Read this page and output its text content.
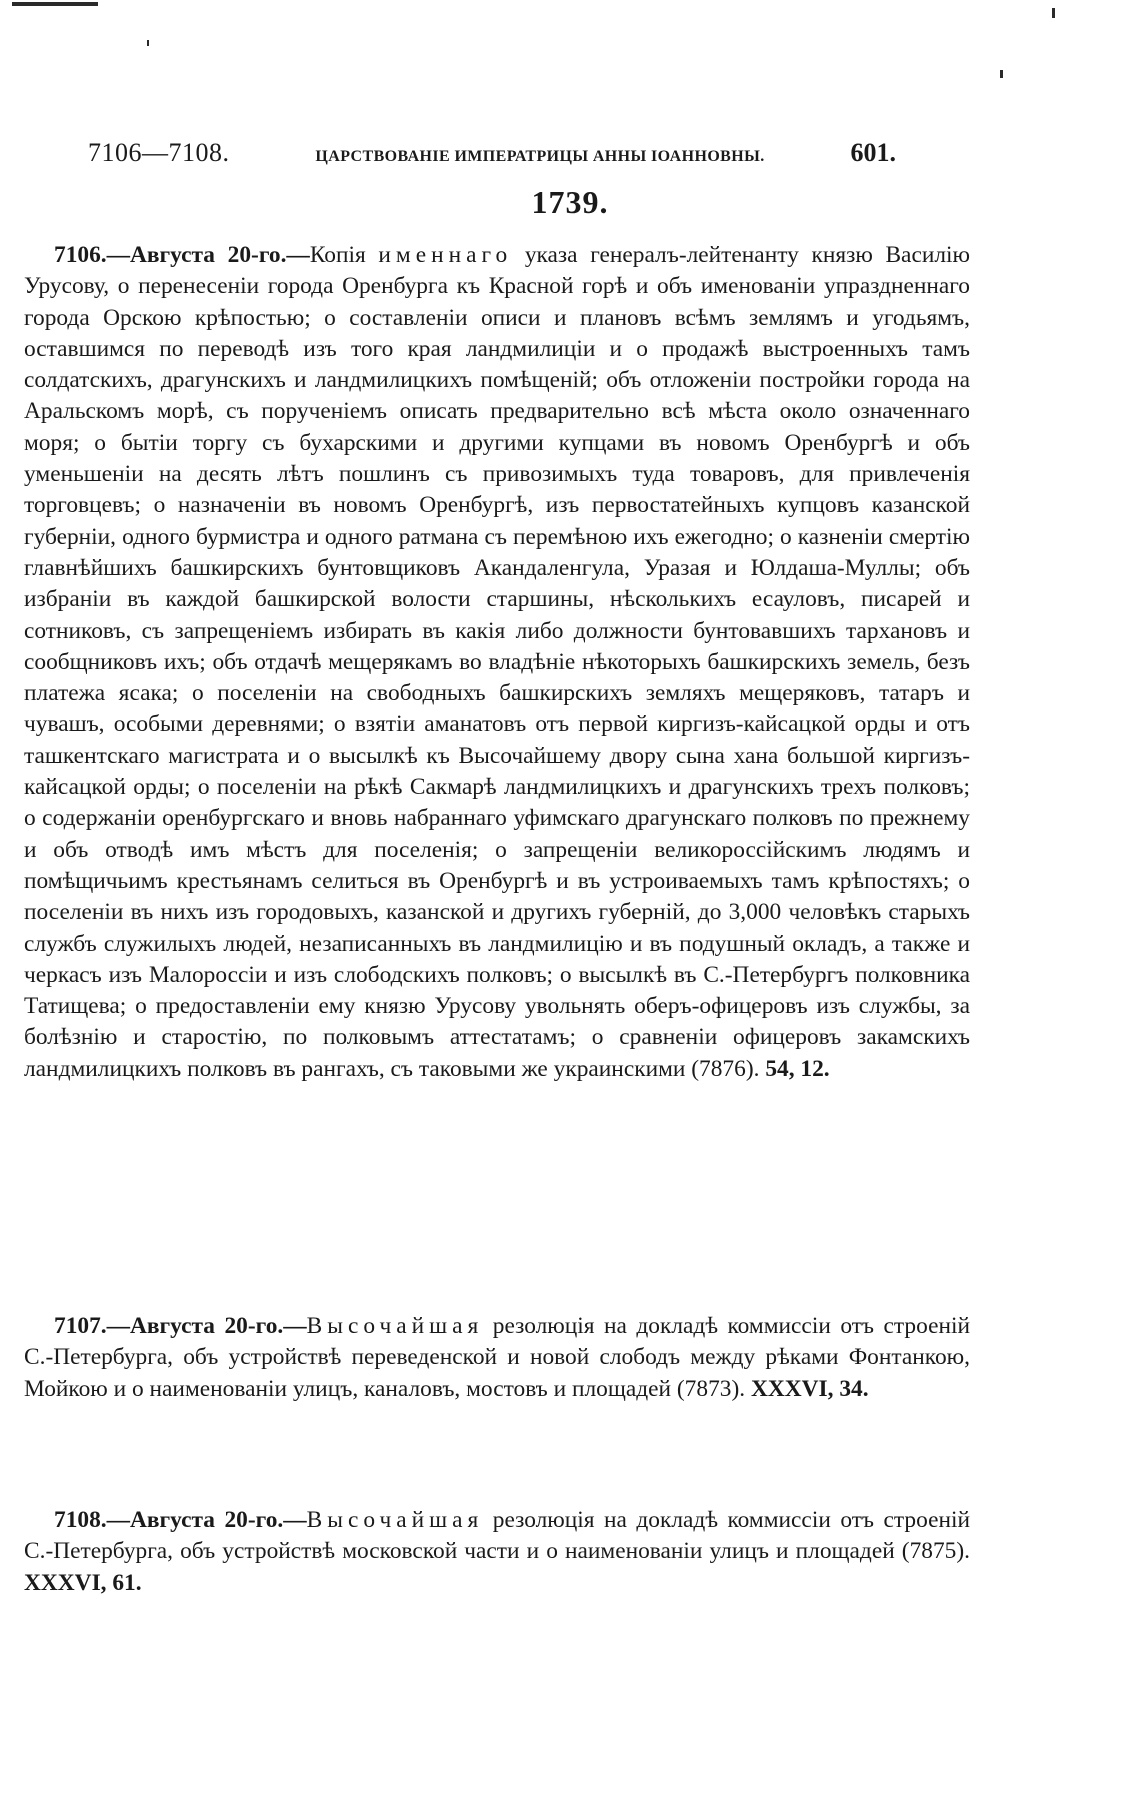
7106—7108.	ЦАРСТВОВАНІЕ ИМПЕРАТРИЦЫ АННЫ ІОАННОВНЫ.	601.
1739.

7106.—Августа 20-го.—Копія именнаго указа генералъ-лейтенанту князю Василію Урусову, о перенесеніи города Оренбурга къ Красной горѣ и объ именованіи упраздненнаго города Орскою крѣпостью; о составленіи описи и плановъ всѣмъ землямъ и угодьямъ, оставшимся по переводѣ изъ того края ландмилиціи и о продажѣ выстроенныхъ тамъ солдатскихъ, драгунскихъ и ландмилицкихъ помѣщеній; объ отложеніи постройки города на Аральскомъ морѣ, съ порученіемъ описать предварительно всѣ мѣста около означеннаго моря; о бытіи торгу съ бухарскими и другими купцами въ новомъ Оренбургѣ и объ уменьшеніи на десять лѣтъ пошлинъ съ привозимыхъ туда товаровъ, для привлеченія торговцевъ; о назначеніи въ новомъ Оренбургѣ, изъ первостатейныхъ купцовъ казанской губерніи, одного бурмистра и одного ратмана съ перемѣною ихъ ежегодно; о казненіи смертію главнѣйшихъ башкирскихъ бунтовщиковъ Акандаленгула, Уразая и Юлдаша-Муллы; объ избраніи въ каждой башкирской волости старшины, нѣсколькихъ есауловъ, писарей и сотниковъ, съ запрещеніемъ избирать въ какія либо должности бунтовавшихъ тархановъ и сообщниковъ ихъ; объ отдачѣ мещерякамъ во владѣніе нѣкоторыхъ башкирскихъ земель, безъ платежа ясака; о поселеніи на свободныхъ башкирскихъ земляхъ мещеряковъ, татаръ и чувашъ, особыми деревнями; о взятіи аманатовъ отъ первой киргизъ-кайсацкой орды и отъ ташкентскаго магистрата и о высылкѣ къ Высочайшему двору сына хана большой киргизъ-кайсацкой орды; о поселеніи на рѣкѣ Сакмарѣ ландмилицкихъ и драгунскихъ трехъ полковъ; о содержаніи оренбургскаго и вновь набраннаго уфимскаго драгунскаго полковъ по прежнему и объ отводѣ имъ мѣстъ для поселенія; о запрещеніи великороссійскимъ людямъ и помѣщичьимъ крестьянамъ селиться въ Оренбургѣ и въ устроиваемыхъ тамъ крѣпостяхъ; о поселеніи въ нихъ изъ городовыхъ, казанской и другихъ губерній, до 3,000 человѣкъ старыхъ службъ служилыхъ людей, незаписанныхъ въ ландмилицію и въ подушный окладъ, а также и черкасъ изъ Малороссіи и изъ слободскихъ полковъ; о высылкѣ въ С.-Петербургъ полковника Татищева; о предоставленіи ему князю Урусову увольнять оберъ-офицеровъ изъ службы, за болѣзнію и старостію, по полковымъ аттестатамъ; о сравненіи офицеровъ закамскихъ ландмилицкихъ полковъ въ рангахъ, съ таковыми же украинскими (7876). 54, 12.

7107.—Августа 20-го.—Высочайшая резолюція на докладѣ коммиссіи отъ строеній С.-Петербурга, объ устройствѣ переведенской и новой слободъ между рѣками Фонтанкою, Мойкою и о наименованіи улицъ, каналовъ, мостовъ и площадей (7873). XXXVI, 34.

7108.—Августа 20-го.—Высочайшая резолюція на докладѣ коммиссіи отъ строеній С.-Петербурга, объ устройствѣ московской части и о наименованіи улицъ и площадей (7875). XXXVI, 61.
